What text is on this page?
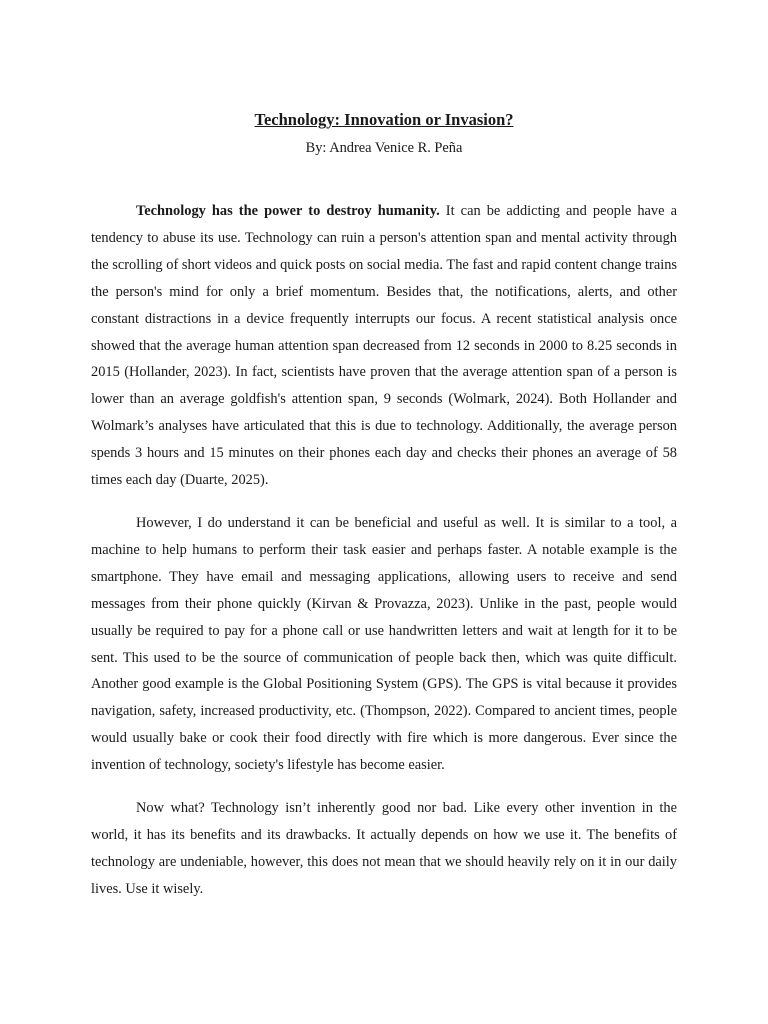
Technology: Innovation or Invasion?

By: Andrea Venice R. Peña

Technology has the power to destroy humanity. It can be addicting and people have a tendency to abuse its use. Technology can ruin a person's attention span and mental activity through the scrolling of short videos and quick posts on social media. The fast and rapid content change trains the person's mind for only a brief momentum. Besides that, the notifications, alerts, and other constant distractions in a device frequently interrupts our focus. A recent statistical analysis once showed that the average human attention span decreased from 12 seconds in 2000 to 8.25 seconds in 2015 (Hollander, 2023). In fact, scientists have proven that the average attention span of a person is lower than an average goldfish's attention span, 9 seconds (Wolmark, 2024). Both Hollander and Wolmark’s analyses have articulated that this is due to technology. Additionally, the average person spends 3 hours and 15 minutes on their phones each day and checks their phones an average of 58 times each day (Duarte, 2025).

However, I do understand it can be beneficial and useful as well. It is similar to a tool, a machine to help humans to perform their task easier and perhaps faster. A notable example is the smartphone. They have email and messaging applications, allowing users to receive and send messages from their phone quickly (Kirvan & Provazza, 2023). Unlike in the past, people would usually be required to pay for a phone call or use handwritten letters and wait at length for it to be sent. This used to be the source of communication of people back then, which was quite difficult. Another good example is the Global Positioning System (GPS). The GPS is vital because it provides navigation, safety, increased productivity, etc. (Thompson, 2022). Compared to ancient times, people would usually bake or cook their food directly with fire which is more dangerous. Ever since the invention of technology, society's lifestyle has become easier.

Now what? Technology isn’t inherently good nor bad. Like every other invention in the world, it has its benefits and its drawbacks. It actually depends on how we use it. The benefits of technology are undeniable, however, this does not mean that we should heavily rely on it in our daily lives. Use it wisely.
